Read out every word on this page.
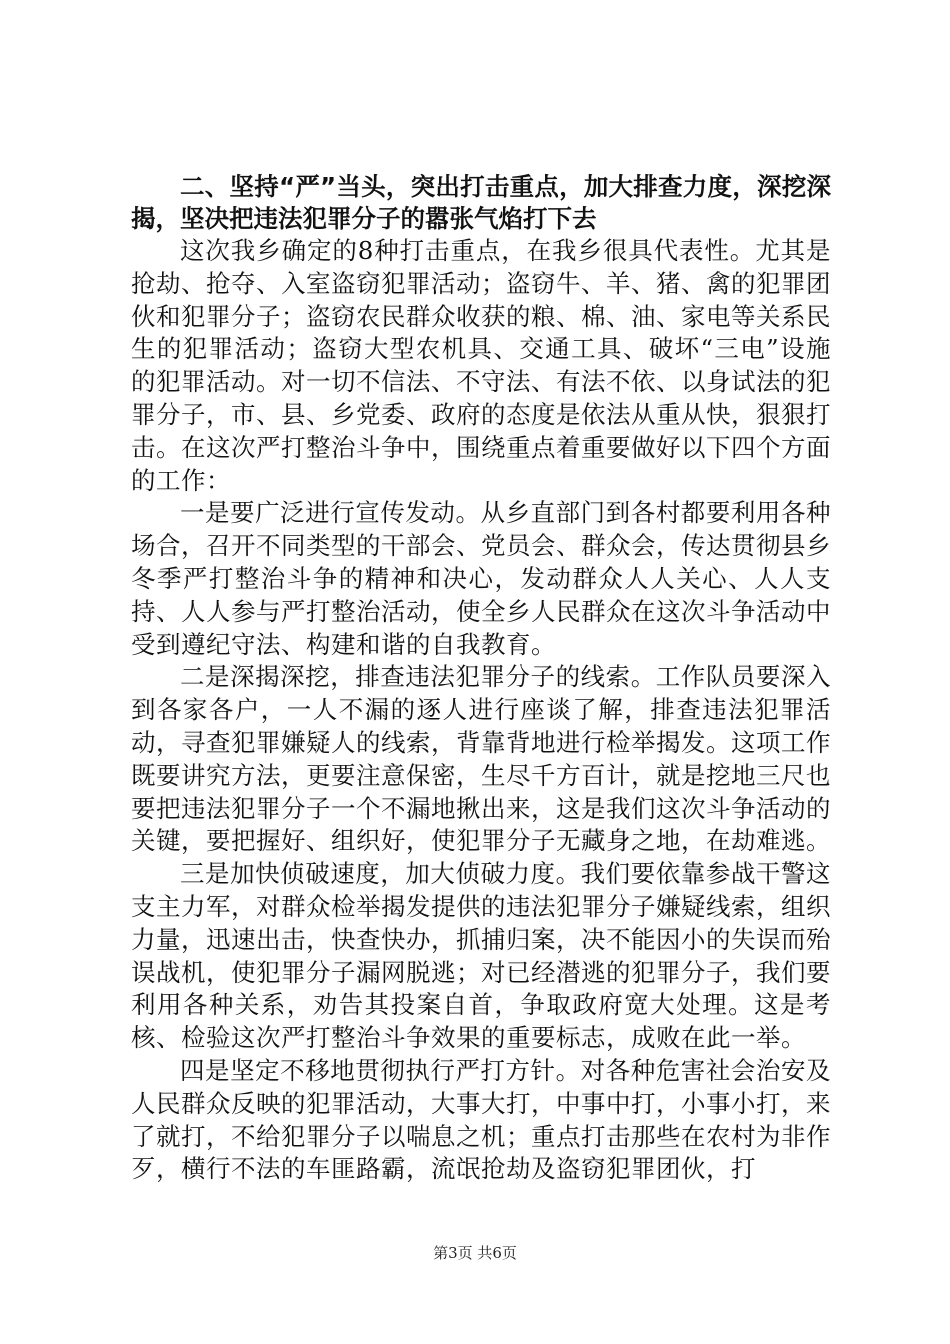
二、坚持“严”当头，突出打击重点，加大排查力度，深挖深揭，坚决把违法犯罪分子的嚣张气焰打下去

这次我乡确定的8种打击重点，在我乡很具代表性。尤其是抢劫、抢夺、入室盗窃犯罪活动；盗窃牛、羊、猪、禽的犯罪团伙和犯罪分子；盗窃农民群众收获的粮、棉、油、家电等关系民生的犯罪活动；盗窃大型农机具、交通工具、破坏“三电”设施的犯罪活动。对一切不信法、不守法、有法不依、以身试法的犯罪分子，市、县、乡党委、政府的态度是依法从重从快，狠狠打击。在这次严打整治斗争中，围绕重点着重要做好以下四个方面的工作：

一是要广泛进行宣传发动。从乡直部门到各村都要利用各种场合，召开不同类型的干部会、党员会、群众会，传达贯彻县乡冬季严打整治斗争的精神和决心，发动群众人人关心、人人支持、人人参与严打整治活动，使全乡人民群众在这次斗争活动中受到遵纪守法、构建和谐的自我教育。

二是深揭深挖，排查违法犯罪分子的线索。工作队员要深入到各家各户，一人不漏的逐人进行座谈了解，排查违法犯罪活动，寻查犯罪嫌疑人的线索，背靠背地进行检举揭发。这项工作既要讲究方法，更要注意保密，生尽千方百计，就是挖地三尺也要把违法犯罪分子一个不漏地揪出来，这是我们这次斗争活动的关键，要把握好、组织好，使犯罪分子无藏身之地，在劫难逃。

三是加快侦破速度，加大侦破力度。我们要依靠参战干警这支主力军，对群众检举揭发提供的违法犯罪分子嫌疑线索，组织力量，迅速出击，快查快办，抓捕归案，决不能因小的失误而殆误战机，使犯罪分子漏网脱逃；对已经潜逃的犯罪分子，我们要利用各种关系，劝告其投案自首，争取政府宽大处理。这是考核、检验这次严打整治斗争效果的重要标志，成败在此一举。

四是坚定不移地贯彻执行严打方针。对各种危害社会治安及人民群众反映的犯罪活动，大事大打，中事中打，小事小打，来了就打，不给犯罪分子以喘息之机；重点打击那些在农村为非作歹，横行不法的车匪路霸，流氓抢劫及盗窃犯罪团伙，打

第3页 共6页
